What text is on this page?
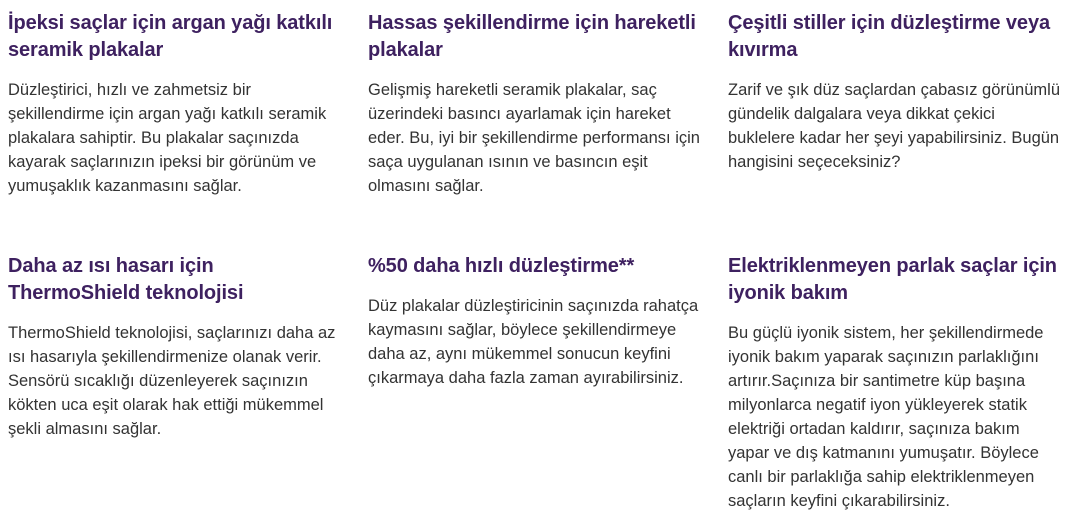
İpeksi saçlar için argan yağı katkılı seramik plakalar

Düzleştirici, hızlı ve zahmetsiz bir şekillendirme için argan yağı katkılı seramik plakalara sahiptir. Bu plakalar saçınızda kayarak saçlarınızın ipeksi bir görünüm ve yumuşaklık kazanmasını sağlar.

Hassas şekillendirme için hareketli plakalar

Gelişmiş hareketli seramik plakalar, saç üzerindeki basıncı ayarlamak için hareket eder. Bu, iyi bir şekillendirme performansı için saça uygulanan ısının ve basıncın eşit olmasını sağlar.

Çeşitli stiller için düzleştirme veya kıvırma

Zarif ve şık düz saçlardan çabasız görünümlü gündelik dalgalara veya dikkat çekici buklelere kadar her şeyi yapabilirsiniz. Bugün hangisini seçeceksiniz?

Daha az ısı hasarı için ThermoShield teknolojisi

ThermoShield teknolojisi, saçlarınızı daha az ısı hasarıyla şekillendirmenize olanak verir. Sensörü sıcaklığı düzenleyerek saçınızın kökten uca eşit olarak hak ettiği mükemmel şekli almasını sağlar.

%50 daha hızlı düzleştirme**

Düz plakalar düzleştiricinin saçınızda rahatça kaymasını sağlar, böylece şekillendirmeye daha az, aynı mükemmel sonucun keyfini çıkarmaya daha fazla zaman ayırabilirsiniz.

Elektriklenmeyen parlak saçlar için iyonik bakım

Bu güçlü iyonik sistem, her şekillendirmede iyonik bakım yaparak saçınızın parlaklığını artırır.Saçınıza bir santimetre küp başına milyonlarca negatif iyon yükleyerek statik elektriği ortadan kaldırır, saçınıza bakım yapar ve dış katmanını yumuşatır. Böylece canlı bir parlaklığa sahip elektriklenmeyen saçların keyfini çıkarabilirsiniz.
